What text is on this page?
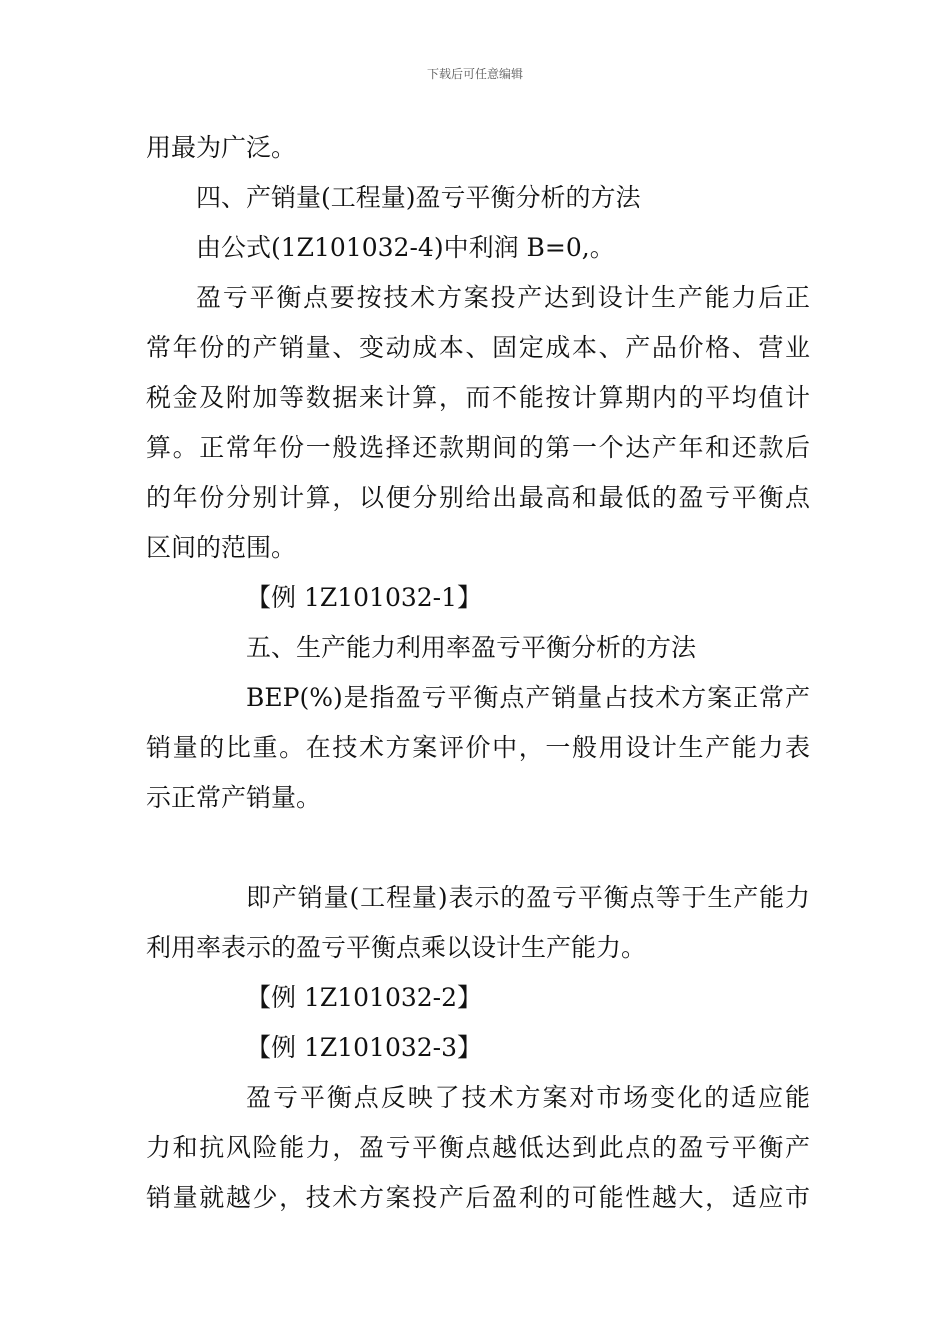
下载后可任意编辑
用最为广泛。
四、产销量(工程量)盈亏平衡分析的方法
由公式(1Z101032-4)中利润 B=0,。
盈亏平衡点要按技术方案投产达到设计生产能力后正
常年份的产销量、变动成本、固定成本、产品价格、营业
税金及附加等数据来计算，而不能按计算期内的平均值计
算。正常年份一般选择还款期间的第一个达产年和还款后
的年份分别计算，以便分别给出最高和最低的盈亏平衡点
区间的范围。
【例 1Z101032-1】
五、生产能力利用率盈亏平衡分析的方法
BEP(%)是指盈亏平衡点产销量占技术方案正常产
销量的比重。在技术方案评价中，一般用设计生产能力表
示正常产销量。
即产销量(工程量)表示的盈亏平衡点等于生产能力
利用率表示的盈亏平衡点乘以设计生产能力。
【例 1Z101032-2】
【例 1Z101032-3】
盈亏平衡点反映了技术方案对市场变化的适应能
力和抗风险能力，盈亏平衡点越低达到此点的盈亏平衡产
销量就越少，技术方案投产后盈利的可能性越大，适应市
